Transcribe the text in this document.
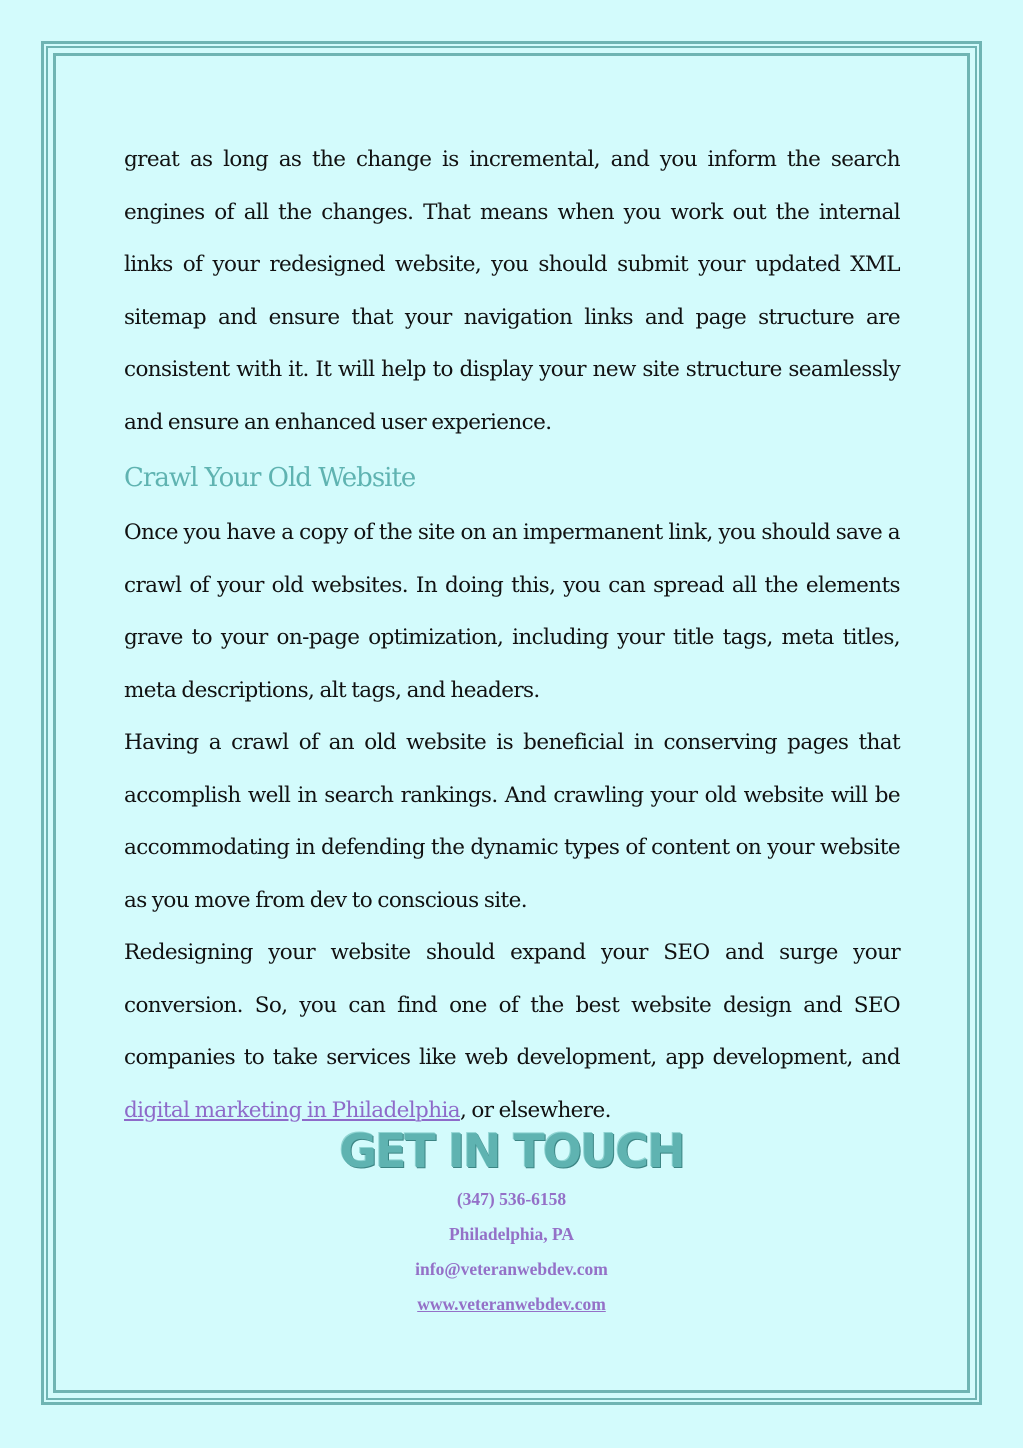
great as long as the change is incremental, and you inform the search engines of all the changes. That means when you work out the internal links of your redesigned website, you should submit your updated XML sitemap and ensure that your navigation links and page structure are consistent with it. It will help to display your new site structure seamlessly and ensure an enhanced user experience.

Crawl Your Old Website

Once you have a copy of the site on an impermanent link, you should save a crawl of your old websites. In doing this, you can spread all the elements grave to your on-page optimization, including your title tags, meta titles, meta descriptions, alt tags, and headers.

Having a crawl of an old website is beneficial in conserving pages that accomplish well in search rankings. And crawling your old website will be accommodating in defending the dynamic types of content on your website as you move from dev to conscious site.

Redesigning your website should expand your SEO and surge your conversion. So, you can find one of the best website design and SEO companies to take services like web development, app development, and digital marketing in Philadelphia, or elsewhere.

GET IN TOUCH
(347) 536-6158
Philadelphia, PA
info@veteranwebdev.com
www.veteranwebdev.com
